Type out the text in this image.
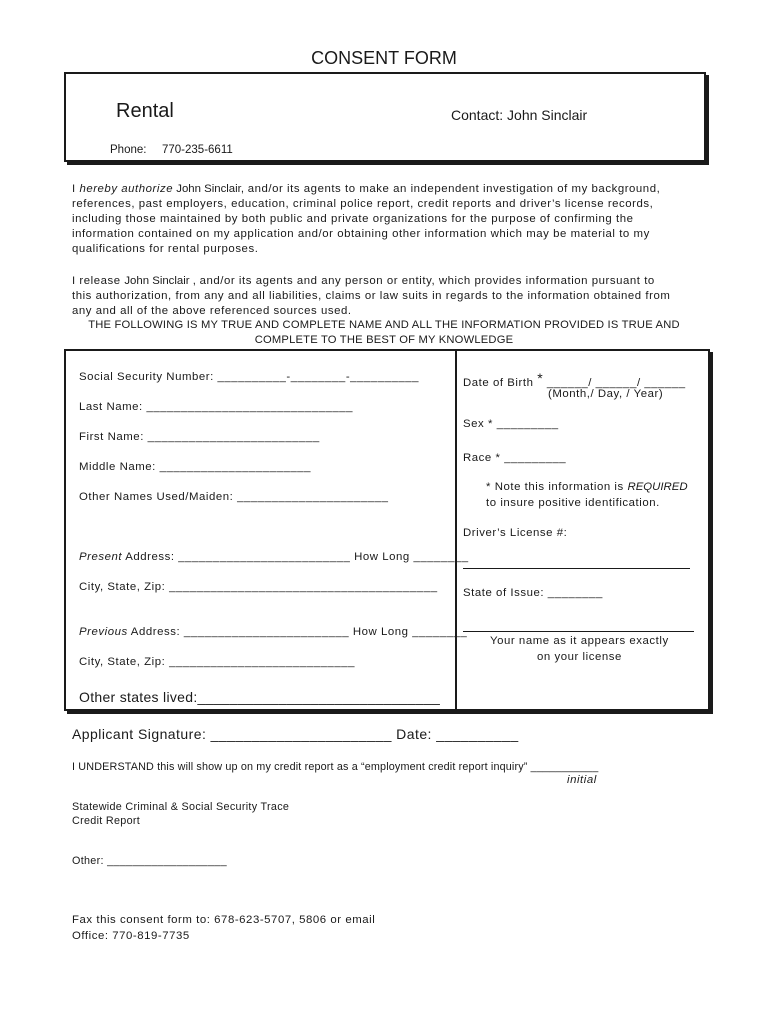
CONSENT FORM
Rental	Contact: John Sinclair
Phone: 770-235-6611
I hereby authorize John Sinclair, and/or its agents to make an independent investigation of my background,
references, past employers, education, criminal police report, credit reports and driver’s license records,
including those maintained by both public and private organizations for the purpose of confirming the
information contained on my application and/or obtaining other information which may be material to my
qualifications for rental purposes.
I release John Sinclair , and/or its agents and any person or entity, which provides information pursuant to
this authorization, from any and all liabilities, claims or law suits in regards to the information obtained from
any and all of the above referenced sources used.
THE FOLLOWING IS MY TRUE AND COMPLETE NAME AND ALL THE INFORMATION PROVIDED IS TRUE AND
COMPLETE TO THE BEST OF MY KNOWLEDGE
Social Security Number: __________-________-__________
Last Name: ______________________________
First Name: _________________________
Middle Name: ______________________
Other Names Used/Maiden: ______________________
Present Address: _________________________ How Long ________
City, State, Zip: _______________________________________
Previous Address: ________________________ How Long ________
City, State, Zip: ___________________________
Other states lived:______________________________
Date of Birth * ______/ ______/ ______
(Month,/ Day, / Year)
Sex * _________
Race * _________
* Note this information is REQUIRED
to insure positive identification.
Driver’s License #:
State of Issue: ________
Your name as it appears exactly
on your license
Applicant Signature: ______________________ Date: __________
I UNDERSTAND this will show up on my credit report as a “employment credit report inquiry” ___________
initial
Statewide Criminal & Social Security Trace
Credit Report
Other: ___________________
Fax this consent form to: 678-623-5707, 5806 or email
Office: 770-819-7735
